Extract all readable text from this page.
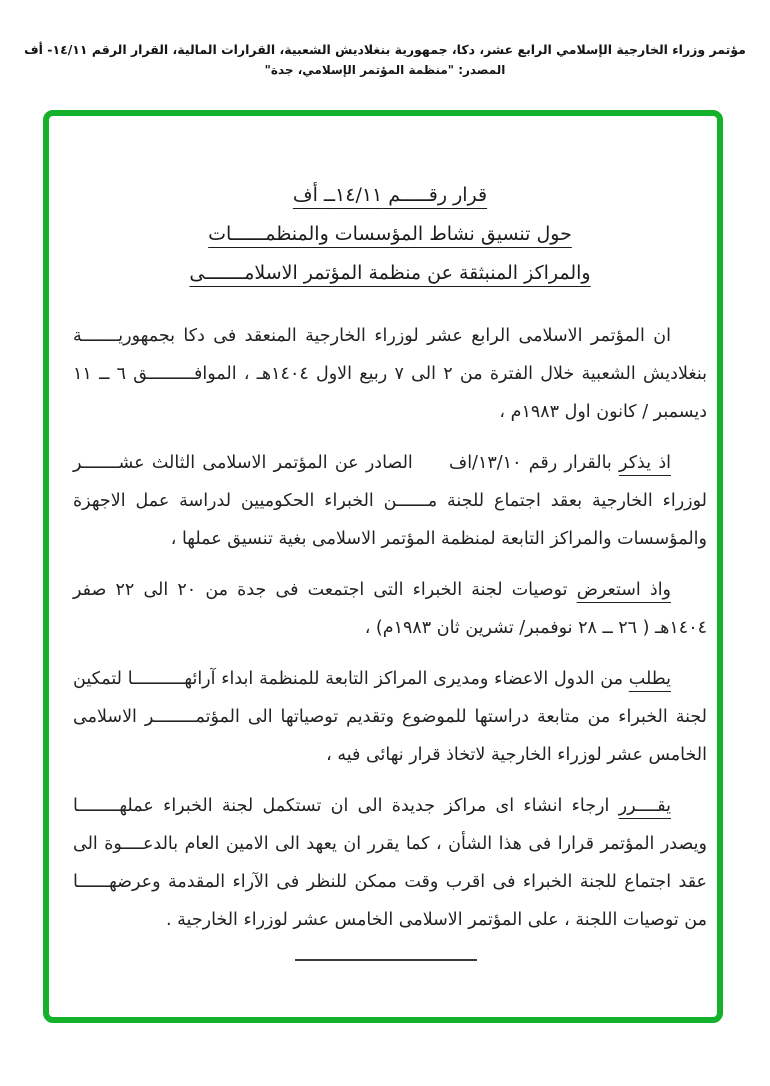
مؤتمر وزراء الخارجية الإسلامي الرابع عشر، دكا، جمهورية بنغلاديش الشعبية، القرارات المالية، القرار الرقم ١٤/١١- أف
المصدر: "منظمة المؤتمر الإسلامي، جدة"
قرار رقـــــم ١٤/١١ــ أف
حول تنسيق نشاط المؤسسات والمنظمــــــات
والمراكز المنبثقة عن منظمة المؤتمر الاسلامـــــــى
ان المؤتمر الاسلامى الرابع عشر لوزراء الخارجية المنعقد فى دكا بجمهوريـــــــة بنغلاديش الشعبية خلال الفترة من ٢ الى ٧ ربيع الاول ١٤٠٤هـ ، الموافـــــــــق ٦ ــ ١١ ديسمبر / كانون اول ١٩٨٣م ،
اذ يذكر بالقرار رقم ١٣/١٠/اف     الصادر عن المؤتمر الاسلامى الثالث عشـــــــر لوزراء الخارجية بعقد اجتماع للجنة مــــــن الخبراء الحكوميين لدراسة عمل الاجهزة والمؤسسات والمراكز التابعة لمنظمة المؤتمر الاسلامى بغية تنسيق عملها ،
واذ استعرض توصيات لجنة الخبراء التى اجتمعت فى جدة من ٢٠ الى ٢٢ صفر ١٤٠٤هـ ( ٢٦ ــ ٢٨ نوفمبر/ تشرين ثان ١٩٨٣م) ،
يطلب من الدول الاعضاء ومديرى المراكز التابعة للمنظمة ابداء آرائهــــــــــا لتمكين لجنة الخبراء من متابعة دراستها للموضوع وتقديم توصياتها الى المؤتمــــــــر الاسلامى الخامس عشر لوزراء الخارجية لاتخاذ قرار نهائى فيه ،
يقــــرر ارجاء انشاء اى مراكز جديدة الى ان تستكمل لجنة الخبراء عملهــــــــا ويصدر المؤتمر قرارا فى هذا الشأن ، كما يقرر ان يعهد الى الامين العام بالدعــــوة الى عقد اجتماع للجنة الخبراء فى اقرب وقت ممكن للنظر فى الآراء المقدمة وعرضهــــــا من توصيات اللجنة ، على المؤتمر الاسلامى الخامس عشر لوزراء الخارجية .
